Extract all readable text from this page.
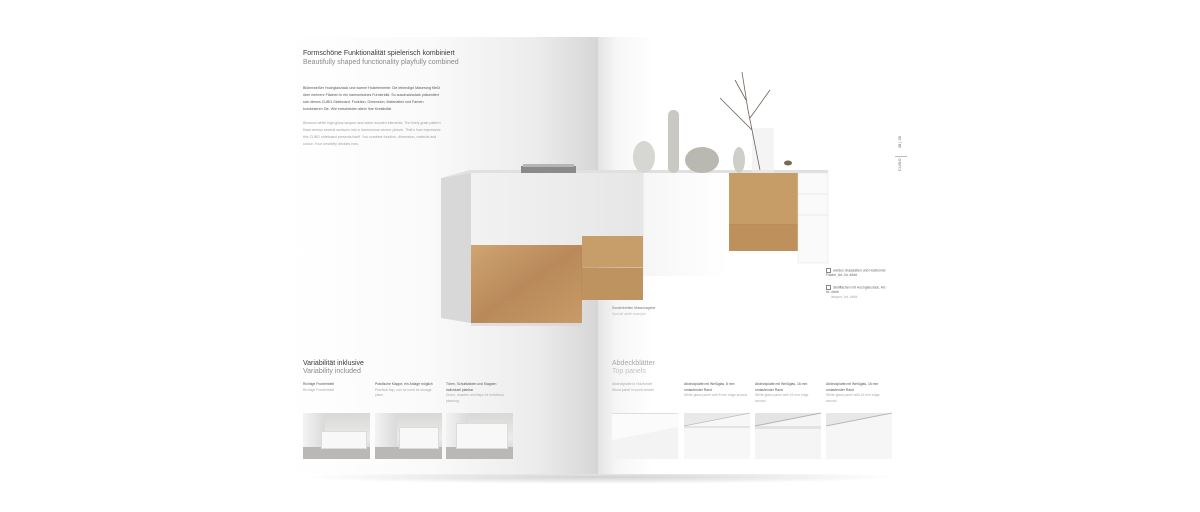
Formschöne Funktionalität spielerisch kombiniert
Beautifully shaped functionality playfully combined
Blütenweißer Hochglanzlack und warme Holzelemente: Die lebendige Maserung fließt über mehrere Flächen in ein harmonisches Furnierbild. So ausdrucksstark präsentiert sich dieses CUBO-Sideboard. Funktion, Dimension, Materialien und Farben kombinieren Sie. Wie entscheiden allein Ihre Kreativität.
Blossom white high-gloss lacquer and warm wooden elements: The lively grain pattern flows across several surfaces into a harmonious veneer picture. That's how expressive this CUBO sideboard presents itself. You combine function, dimension, material and colour. Your creativity decides how.
Sonderbreiten Masschagebe
Special width example
weißes Glasplatten und Holzfurnier Fläche, Art.-Nr. ####
Stellflächen mit Hochglanzlack, Art.-Nr. ####
lacquer, Art. ####
38 | 39
CUBO
Variabilität inklusive
Variability included
Richtige Fronteinteilt
Richtige Fronteinteilt
Praktische Klappe, ein Anlage möglich
Practical flap, can be used as storage place
Türen, Schubkästen und Klappen individuell planbar
Doors, drawers and flaps for individual planning
Abdeckblätter
Top panels
Abdeckplatte in Holzfurnier
Wood panel in wood veneer
Abdeckplatte mit Weißglas, 8 mm umlaufender Rand
White glass panel with 8 mm edge around
Abdeckplatte mit Weißglas, 16 mm umlaufender Rand
White glass panel with 16 mm edge around
Abdeckplatte mit Weißglas, 16 mm umlaufender Rand
White glass panel with 16 mm edge around
